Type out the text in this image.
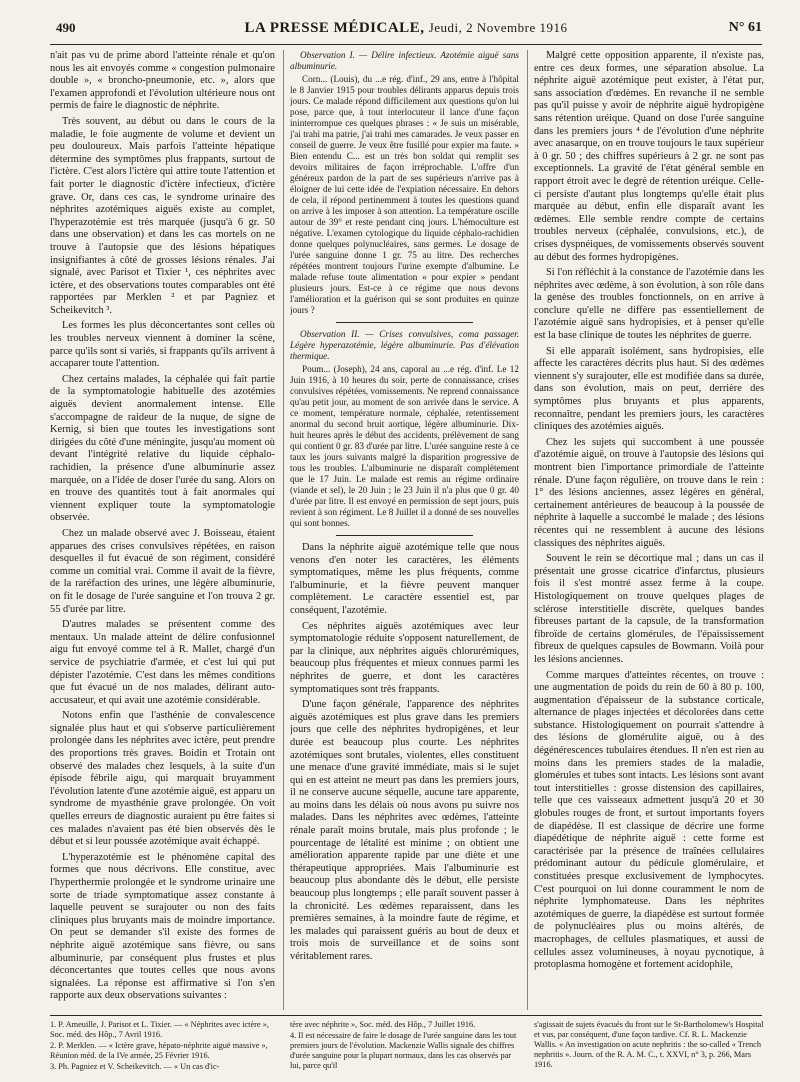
490	LA PRESSE MÉDICALE, Jeudi, 2 Novembre 1916	N° 61

n'ait pas vu de prime abord l'atteinte rénale et qu'on nous les ait envoyés comme « congestion pulmonaire double », « broncho-pneumonie, etc. », alors que l'examen approfondi et l'évolution ultérieure nous ont permis de faire le diagnostic de néphrite.

Très souvent, au début ou dans le cours de la maladie, le foie augmente de volume et devient un peu douloureux. Mais parfois l'atteinte hépatique détermine des symptômes plus frappants, surtout de l'ictère. C'est alors l'ictère qui attire toute l'attention et fait porter le diagnostic d'ictère infectieux, d'ictère grave. Or, dans ces cas, le syndrome urinaire des néphrites azotémiques aiguës existe au complet, l'hyperazotémie est très marquée (jusqu'à 6 gr. 50 dans une observation) et dans les cas mortels on ne trouve à l'autopsie que des lésions hépatiques insignifiantes à côté de grosses lésions rénales. J'ai signalé, avec Parisot et Tixier ¹, ces néphrites avec ictère, et des observations toutes comparables ont été rapportées par Merklen ² et par Pagniez et Scheikevitch ³.

Les formes les plus déconcertantes sont celles où les troubles nerveux viennent à dominer la scène, parce qu'ils sont si variés, si frappants qu'ils arrivent à accaparer toute l'attention.

Chez certains malades, la céphalée qui fait partie de la symptomatologie habituelle des azotémies aiguës devient anormalement intense. Elle s'accompagne de raideur de la nuque, de signe de Kernig, si bien que toutes les investigations sont dirigées du côté d'une méningite, jusqu'au moment où devant l'intégrité relative du liquide céphalo-rachidien, la présence d'une albuminurie assez marquée, on a l'idée de doser l'urée du sang. Alors on en trouve des quantités tout à fait anormales qui viennent expliquer toute la symptomatologie observée.

Chez un malade observé avec J. Boisseau, étaient apparues des crises convulsives répétées, en raison desquelles il fut évacué de son régiment, considéré comme un comitial vrai. Comme il avait de la fièvre, de la raréfaction des urines, une légère albuminurie, on fit le dosage de l'urée sanguine et l'on trouva 2 gr. 55 d'urée par litre.

D'autres malades se présentent comme des mentaux. Un malade atteint de délire confusionnel aigu fut envoyé comme tel à R. Mallet, chargé d'un service de psychiatrie d'armée, et c'est lui qui put dépister l'azotémie. C'est dans les mêmes conditions que fut évacué un de nos malades, délirant auto-accusateur, et qui avait une azotémie considérable.

Notons enfin que l'asthénie de convalescence signalée plus haut et qui s'observe particulièrement prolongée dans les néphrites avec ictère, peut prendre des proportions très graves. Boidin et Trotain ont observé des malades chez lesquels, à la suite d'un épisode fébrile aigu, qui marquait bruyamment l'évolution latente d'une azotémie aiguë, est apparu un syndrome de myasthénie grave prolongée. On voit quelles erreurs de diagnostic auraient pu être faites si ces malades n'avaient pas été bien observés dès le début et si leur poussée azotémique avait échappé.

L'hyperazotémie est le phénomène capital des formes que nous décrivons. Elle constitue, avec l'hyperthermie prolongée et le syndrome urinaire une sorte de triade symptomatique assez constante à laquelle peuvent se surajouter ou non des faits cliniques plus bruyants mais de moindre importance. On peut se demander s'il existe des formes de néphrite aiguë azotémique sans fièvre, ou sans albuminurie, par conséquent plus frustes et plus déconcertantes que toutes celles que nous avons signalées. La réponse est affirmative si l'on s'en rapporte aux deux observations suivantes :

Observation I. — Délire infectieux. Azotémie aiguë sans albuminurie.

Corn... (Louis), du ...e rég. d'inf., 29 ans, entre à l'hôpital le 8 Janvier 1915 pour troubles délirants apparus depuis trois jours. Ce malade répond difficilement aux questions qu'on lui pose, parce que, à tout interlocuteur il lance d'une façon ininterrompue ces quelques phrases : « Je suis un misérable, j'ai trahi ma patrie, j'ai trahi mes camarades. Je veux passer en conseil de guerre. Je veux être fusillé pour expier ma faute. » Bien entendu C... est un très bon soldat qui remplit ses devoirs militaires de façon irréprochable. L'offre d'un généreux pardon de la part de ses supérieurs n'arrive pas à éloigner de lui cette idée de l'expiation nécessaire. En dehors de cela, il répond pertinemment à toutes les questions quand on arrive à les imposer à son attention. La température oscille autour de 39° et reste pendant cinq jours. L'hémoculture est négative. L'examen cytologique du liquide céphalo-rachidien donne quelques polynucléaires, sans germes. Le dosage de l'urée sanguine donne 1 gr. 75 au litre. Des recherches répétées montrent toujours l'urine exempte d'albumine. Le malade refuse toute alimentation « pour expier » pendant plusieurs jours. Est-ce à ce régime que nous devons l'amélioration et la guérison qui se sont produites en quinze jours ?

Observation II. — Crises convulsives, coma passager. Légère hyperazotémie, légère albuminurie. Pas d'élévation thermique.

Poum... (Joseph), 24 ans, caporal au ...e rég. d'inf. Le 12 Juin 1916, à 10 heures du soir, perte de connaissance, crises convulsives répétées, vomissements. Ne reprend connaissance qu'au petit jour, au moment de son arrivée dans le service. A ce moment, température normale, céphalée, retentissement anormal du second bruit aortique, légère albuminurie. Dix-huit heures après le début des accidents, prélèvement de sang qui contient 0 gr. 83 d'urée par litre. L'urée sanguine reste à ce taux les jours suivants malgré la disparition progressive de tous les troubles. L'albuminurie ne disparaît complètement que le 17 Juin. Le malade est remis au régime ordinaire (viande et sel), le 20 Juin ; le 23 Juin il n'a plus que 0 gr. 40 d'urée par litre. Il est envoyé en permission de sept jours, puis revient à son régiment. Le 8 Juillet il a donné de ses nouvelles qui sont bonnes.

Dans la néphrite aiguë azotémique telle que nous venons d'en noter les caractères, les éléments symptomatiques, même les plus fréquents, comme l'albuminurie, et la fièvre peuvent manquer complètement. Le caractère essentiel est, par conséquent, l'azotémie.

Ces néphrites aiguës azotémiques avec leur symptomatologie réduite s'opposent naturellement, de par la clinique, aux néphrites aiguës chlorurémiques, beaucoup plus fréquentes et mieux connues parmi les néphrites de guerre, et dont les caractères symptomatiques sont très frappants.

D'une façon générale, l'apparence des néphrites aiguës azotémiques est plus grave dans les premiers jours que celle des néphrites hydropigènes, et leur durée est beaucoup plus courte. Les néphrites azotémiques sont brutales, violentes, elles constituent une menace d'une gravité immédiate, mais si le sujet qui en est atteint ne meurt pas dans les premiers jours, il ne conserve aucune séquelle, aucune tare apparente, au moins dans les délais où nous avons pu suivre nos malades. Dans les néphrites avec œdèmes, l'atteinte rénale paraît moins brutale, mais plus profonde ; le pourcentage de létalité est minime ; on obtient une amélioration apparente rapide par une diète et une thérapeutique appropriées. Mais l'albuminurie est beaucoup plus abondante dès le début, elle persiste beaucoup plus longtemps ; elle paraît souvent passer à la chronicité. Les œdèmes reparaissent, dans les premières semaines, à la moindre faute de régime, et les malades qui paraissent guéris au bout de deux et trois mois de surveillance et de soins sont véritablement rares.

Malgré cette opposition apparente, il n'existe pas, entre ces deux formes, une séparation absolue. La néphrite aiguë azotémique peut exister, à l'état pur, sans association d'œdèmes. En revanche il ne semble pas qu'il puisse y avoir de néphrite aiguë hydropigène sans rétention uréique. Quand on dose l'urée sanguine dans les premiers jours ⁴ de l'évolution d'une néphrite avec anasarque, on en trouve toujours le taux supérieur à 0 gr. 50 ; des chiffres supérieurs à 2 gr. ne sont pas exceptionnels. La gravité de l'état général semble en rapport étroit avec le degré de rétention uréique. Celle-ci persiste d'autant plus longtemps qu'elle était plus marquée au début, enfin elle disparaît avant les œdèmes. Elle semble rendre compte de certains troubles nerveux (céphalée, convulsions, etc.), de crises dyspnéiques, de vomissements observés souvent au début des formes hydropigènes.

Si l'on réfléchit à la constance de l'azotémie dans les néphrites avec œdème, à son évolution, à son rôle dans la genèse des troubles fonctionnels, on en arrive à conclure qu'elle ne diffère pas essentiellement de l'azotémie aiguë sans hydropisies, et à penser qu'elle est la base clinique de toutes les néphrites de guerre.

Si elle apparaît isolément, sans hydropisies, elle affecte les caractères décrits plus haut. Si des œdèmes viennent s'y surajouter, elle est modifiée dans sa durée, dans son évolution, mais on peut, derrière des symptômes plus bruyants et plus apparents, reconnaître, pendant les premiers jours, les caractères cliniques des azotémies aiguës.

Chez les sujets qui succombent à une poussée d'azotémie aiguë, on trouve à l'autopsie des lésions qui montrent bien l'importance primordiale de l'atteinte rénale. D'une façon régulière, on trouve dans le rein : 1° des lésions anciennes, assez légères en général, certainement antérieures de beaucoup à la poussée de néphrite à laquelle a succombé le malade ; des lésions récentes qui ne ressemblent à aucune des lésions classiques des néphrites aiguës.

Souvent le rein se décortique mal ; dans un cas il présentait une grosse cicatrice d'infarctus, plusieurs fois il s'est montré assez ferme à la coupe. Histologiquement on trouve quelques plages de sclérose interstitielle discrète, quelques bandes fibreuses partant de la capsule, de la transformation fibroïde de certains glomérules, de l'épaississement fibreux de quelques capsules de Bowmann. Voilà pour les lésions anciennes.

Comme marques d'atteintes récentes, on trouve : une augmentation de poids du rein de 60 à 80 p. 100, augmentation d'épaisseur de la substance corticale, alternance de plages injectées et décolorées dans cette substance. Histologiquement on pourrait s'attendre à des lésions de glomérulite aiguë, ou à des dégénérescences tubulaires étendues. Il n'en est rien au moins dans les premiers stades de la maladie, glomérules et tubes sont intacts. Les lésions sont avant tout interstitielles : grosse distension des capillaires, telle que ces vaisseaux admettent jusqu'à 20 et 30 globules rouges de front, et surtout importants foyers de diapédèse. Il est classique de décrire une forme diapédétique de néphrite aiguë : cette forme est caractérisée par la présence de traînées cellulaires prédominant autour du pédicule glomérulaire, et constituées presque exclusivement de lymphocytes. C'est pourquoi on lui donne couramment le nom de néphrite lymphomateuse. Dans les néphrites azotémiques de guerre, la diapédèse est surtout formée de polynucléaires plus ou moins altérés, de macrophages, de cellules plasmatiques, et aussi de cellules assez volumineuses, à noyau pycnotique, à protoplasma homogène et fortement acidophile,

1. P. Ameuille, J. Parisot et L. Tixier. — « Néphrites avec ictère », Soc. méd. des Hôp., 7 Avril 1916.

2. P. Merklen. — « Ictère grave, hépato-néphrite aiguë massive », Réunion méd. de la IVe armée, 25 Février 1916.

3. Ph. Pagniez et V. Scheikevitch. — « Un cas d'ic-

tère avec néphrite », Soc. méd. des Hôp., 7 Juillet 1916.

4. Il est nécessaire de faire le dosage de l'urée sanguine dans les tout premiers jours de l'évolution. Mackenzie Wallis signale des chiffres d'urée sanguine pour la plupart normaux, dans les cas observés par lui, parce qu'il

s'agissait de sujets évacués du front sur le St-Bartholomew's Hospital et vus, par conséquent, d'une façon tardive. Cf. R. L. Mackenzie Wallis. « An investigation on acute nephritis : the so-called « Trench nephritis ». Journ. of the R. A. M. C., t. XXVI, n° 3, p. 266, Mars 1916.
